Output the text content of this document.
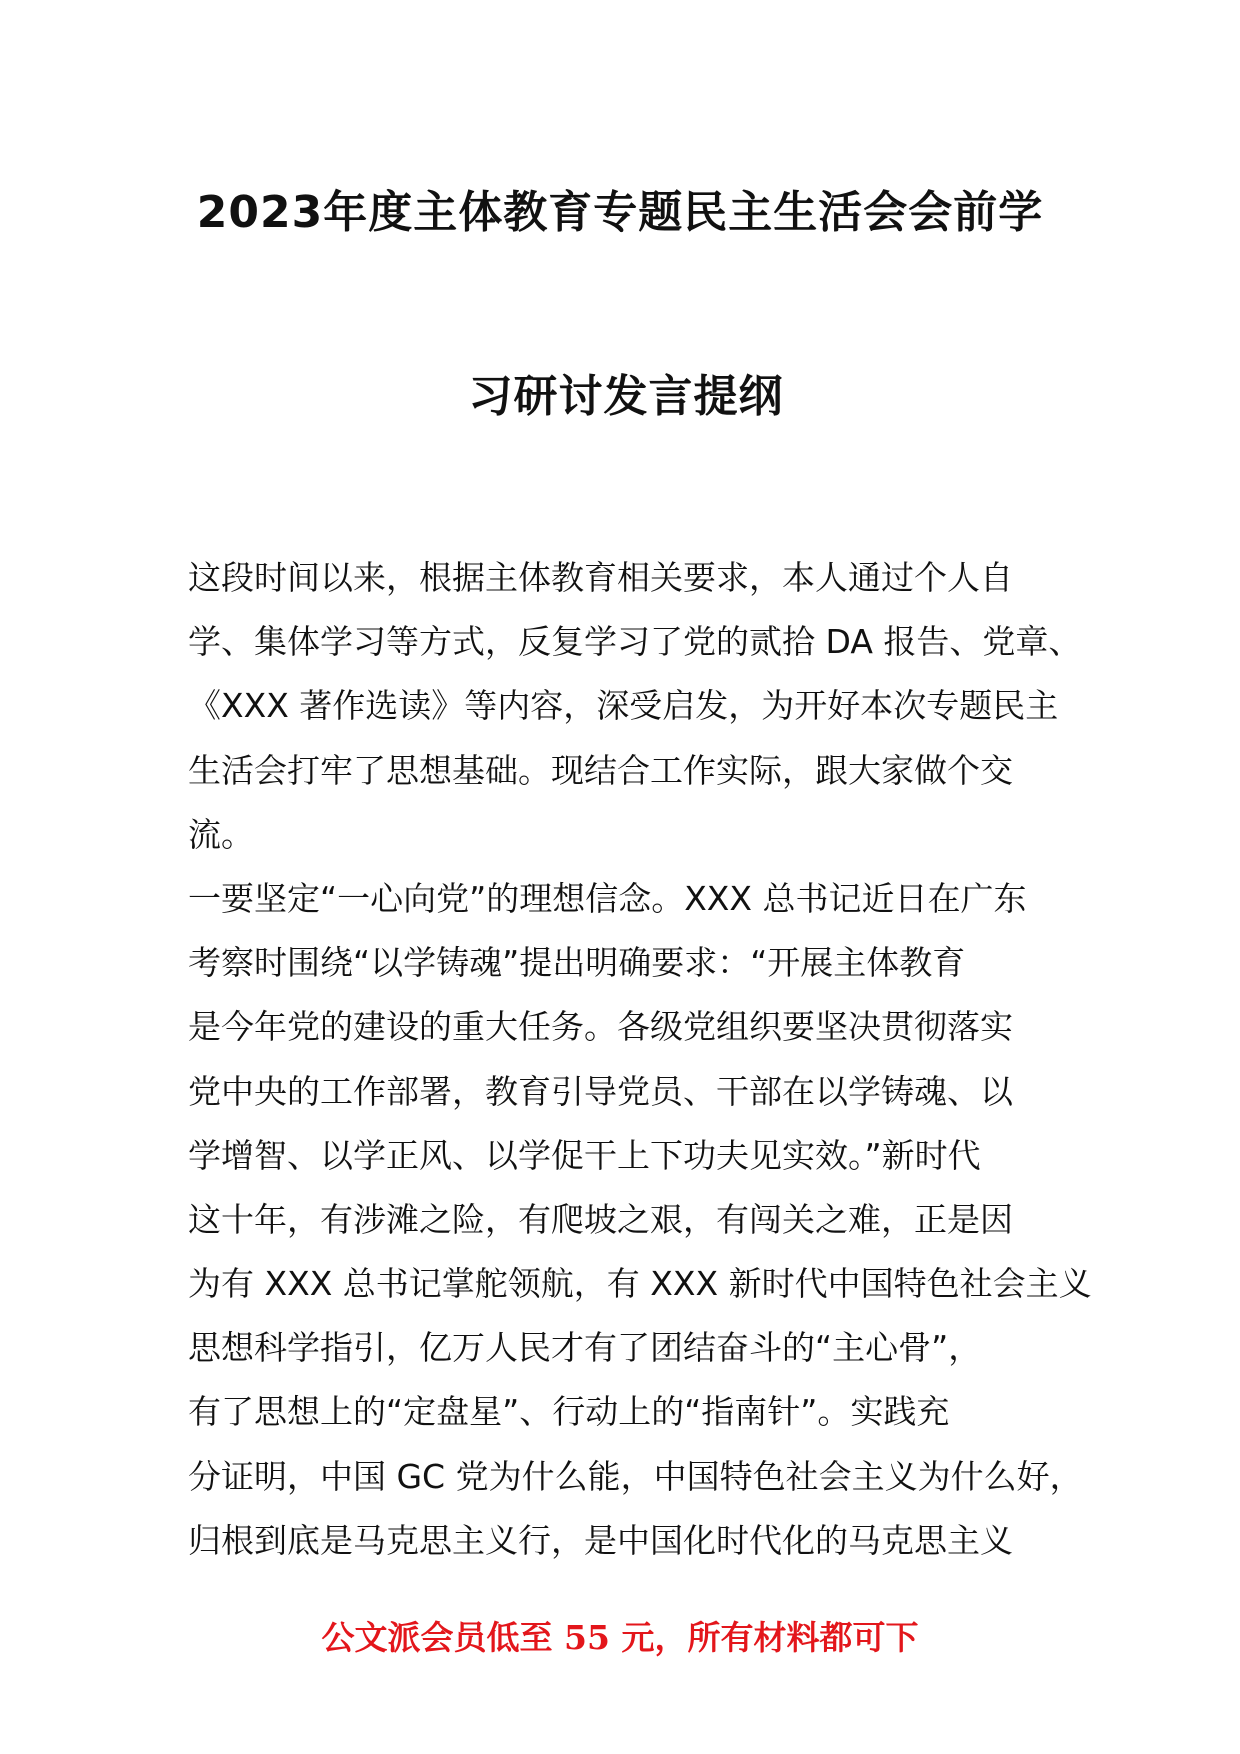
2023年度主体教育专题民主生活会会前学
习研讨发言提纲
这段时间以来，根据主体教育相关要求，本人通过个人自
学、集体学习等方式，反复学习了党的贰拾 DA 报告、党章、
《XXX 著作选读》等内容，深受启发，为开好本次专题民主
生活会打牢了思想基础。现结合工作实际，跟大家做个交
流。
一要坚定“一心向党”的理想信念。XXX 总书记近日在广东
考察时围绕“以学铸魂”提出明确要求：“开展主体教育
是今年党的建设的重大任务。各级党组织要坚决贯彻落实
党中央的工作部署，教育引导党员、干部在以学铸魂、以
学增智、以学正风、以学促干上下功夫见实效。”新时代
这十年，有涉滩之险，有爬坡之艰，有闯关之难，正是因
为有 XXX 总书记掌舵领航，有 XXX 新时代中国特色社会主义
思想科学指引，亿万人民才有了团结奋斗的“主心骨”，
有了思想上的“定盘星”、行动上的“指南针”。实践充
分证明，中国 GC 党为什么能，中国特色社会主义为什么好，
归根到底是马克思主义行，是中国化时代化的马克思主义
公文派会员低至 55 元，所有材料都可下
